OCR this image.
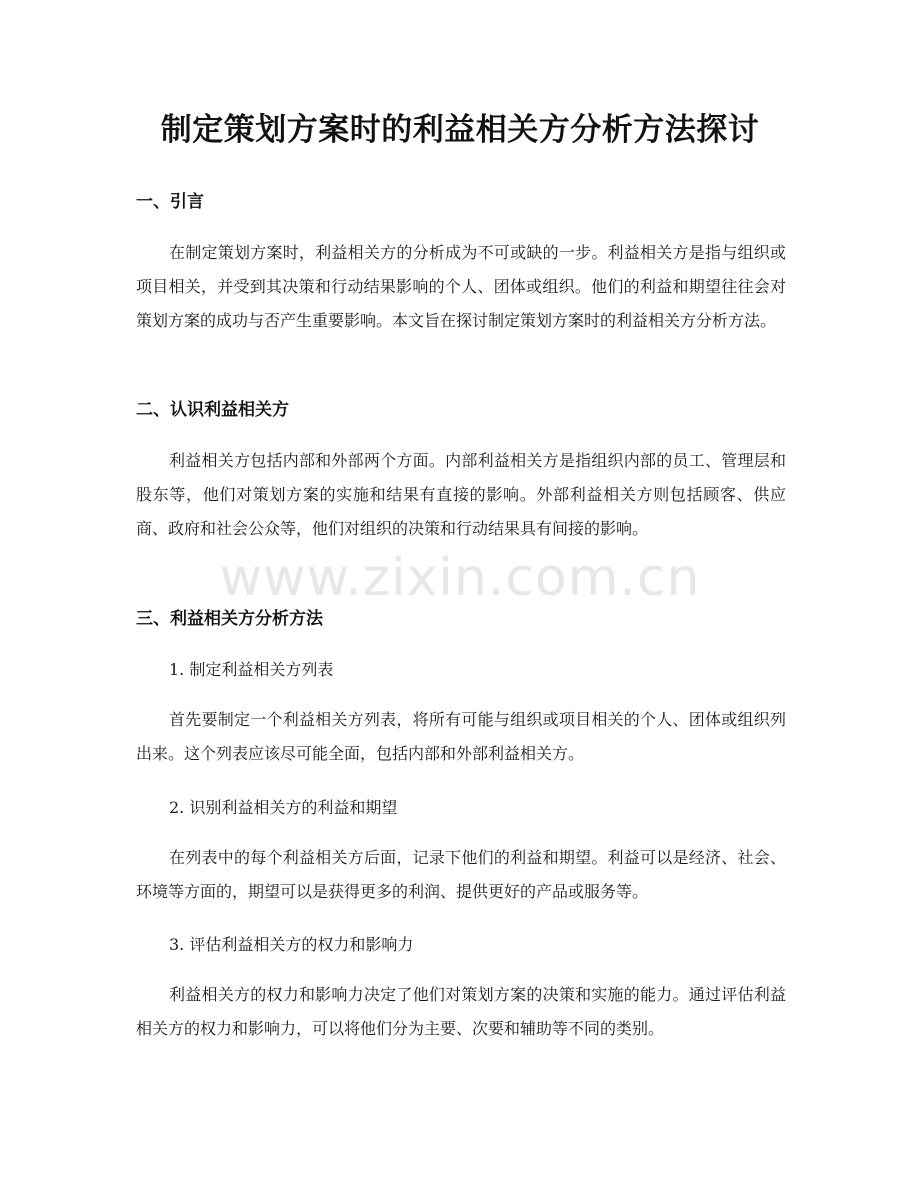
制定策划方案时的利益相关方分析方法探讨
一、引言

在制定策划方案时，利益相关方的分析成为不可或缺的一步。利益相关方是指与组织或项目相关，并受到其决策和行动结果影响的个人、团体或组织。他们的利益和期望往往会对策划方案的成功与否产生重要影响。本文旨在探讨制定策划方案时的利益相关方分析方法。

二、认识利益相关方

利益相关方包括内部和外部两个方面。内部利益相关方是指组织内部的员工、管理层和股东等，他们对策划方案的实施和结果有直接的影响。外部利益相关方则包括顾客、供应商、政府和社会公众等，他们对组织的决策和行动结果具有间接的影响。

三、利益相关方分析方法
1. 制定利益相关方列表

首先要制定一个利益相关方列表，将所有可能与组织或项目相关的个人、团体或组织列出来。这个列表应该尽可能全面，包括内部和外部利益相关方。

2. 识别利益相关方的利益和期望

在列表中的每个利益相关方后面，记录下他们的利益和期望。利益可以是经济、社会、环境等方面的，期望可以是获得更多的利润、提供更好的产品或服务等。

3. 评估利益相关方的权力和影响力

利益相关方的权力和影响力决定了他们对策划方案的决策和实施的能力。通过评估利益相关方的权力和影响力，可以将他们分为主要、次要和辅助等不同的类别。

www.zixin.com.cn
